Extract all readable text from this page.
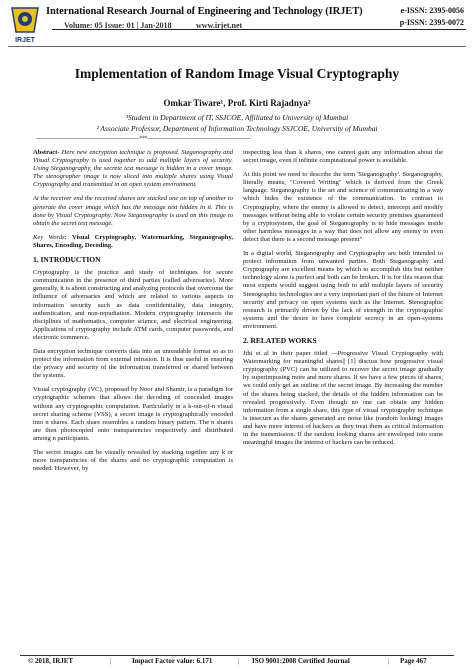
IRJET
International Research Journal of Engineering and Technology (IRJET)
Volume: 05 Issue: 01 | Jan-2018	www.irjet.net
e-ISSN: 2395-0056
p-ISSN: 2395-0072
Implementation of Random Image Visual Cryptography
Omkar Tiware¹, Prof. Kirti Rajadnya²
¹Student in Department of IT, SSJCOE, Affiliated to University of Mumbai
² Associate Professor, Department of Information Technology SSJCOE, University of Mumbai
---------------------------------------------------------------------***---------------------------------------------------------------------

Abstract- Here new encryption technique is proposed. Steganography and Visual Cryptography is used together to add multiple layers of security. Using Steganography, the secrete text message is hidden in a cover image. The stenographer image is now sliced into multiple shares using Visual Cryptography and transmitted in an open system environment.

At the receiver end the received shares are stacked one on top of another to generate the cover image which has the message text hidden in it. This is done by Visual Cryptography. Now Steganography is used on this image to obtain the secret text message.

Key Words: Visual Cryptography, Watermarking, Steganography, Shares, Encoding, Decoding.

1. INTRODUCTION

Cryptography is the practice and study of techniques for secure communication in the presence of third parties (called adversaries). More generally, it is about constructing and analyzing protocols that overcome the influence of adversaries and which are related to various aspects in information security such as data confidentiality, data integrity, authentication, and non-repudiation. Modern cryptography intersects the disciplines of mathematics, computer science, and electrical engineering. Applications of cryptography include ATM cards, computer passwords, and electronic commerce.

Data encryption technique converts data into an unreadable format so as to protect the information from external intrusion. It is thus useful in ensuring the privacy and security of the information transferred or shared between the systems.

Visual cryptography (VC), proposed by Noor and Shamir, is a paradigm for cryptographic schemes that allows the decoding of concealed images without any cryptographic computation. Particularly in a k-out-of-n visual secret sharing scheme (VSS), a secret image is cryptographically encoded into n shares. Each share resembles a random binary pattern. The n shares are then photocopied onto transparencies respectively and distributed among n participants.

The secret images can be visually revealed by stacking together any k or more transparencies of the shares and no cryptographic computation is needed. However, by

inspecting less than k shares, one cannot gain any information about the secret image, even if infinite computational power is available.

At this point we need to describe the term 'Steganography'. Steganography, literally means, "Covered Writing" which is derived from the Greek language. Steganography is the art and science of communicating in a way which hides the existence of the communication. In contrast to Cryptography, where the enemy is allowed to detect, intercept and modify messages without being able to violate certain security premises guaranteed by a cryptosystem, the goal of Steganography is to hide messages inside other harmless messages in a way that does not allow any enemy to even detect that there is a second message present"

In a digital world, Steganography and Cryptography are both intended to protect information from unwanted parties. Both Steganography and Cryptography are excellent means by which to accomplish this but neither technology alone is perfect and both can be broken. It is for this reason that most experts would suggest using both to add multiple layers of security Stenographic technologies are a very important part of the future of Internet security and privacy on open systems such as the Internet. Stenographic research is primarily driven by the lack of strength in the cryptographic systems and the desire to have complete secrecy in an open-systems environment.

2. RELATED WORKS

Jthi et al in their paper titled —Progressive Visual Cryptography with Watermarking for meaningful shares|| [1] discuss how progressive visual cryptography (PVC) can be utilized to recover the secret image gradually by superimposing more and more shares. If we have a few pieces of shares, we could only get an outline of the secret image. By increasing the number of the shares being stacked, the details of the hidden information can be revealed progressively. Even though no one can obtain any hidden information from a single share, this type of visual cryptography technique is insecure as the shares generated are noise like (random looking) images and have more interest of hackers as they treat them as critical information in the transmission. If the random looking shares are enveloped into some meaningful images the interest of hackers can be reduced.

© 2018, IRJET	|	Impact Factor value: 6.171	| ISO 9001:2008 Certified Journal	| Page 467
